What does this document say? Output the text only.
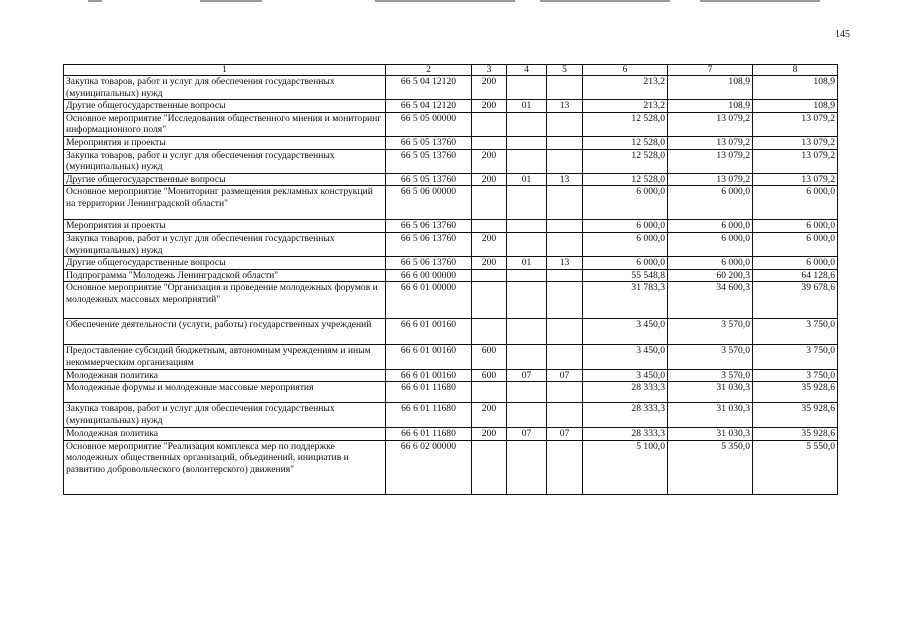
145
1	2	3	4	5	6	7	8
Закупка товаров, работ и услуг для обеспечения государственных (муниципальных) нужд	66 5 04 12120	200			213,2	108,9	108,9
Другие общегосударственные вопросы	66 5 04 12120	200	01	13	213,2	108,9	108,9
Основное мероприятие "Исследования общественного мнения и мониторинг информационного поля"	66 5 05 00000				12 528,0	13 079,2	13 079,2
Мероприятия и проекты	66 5 05 13760				12 528,0	13 079,2	13 079,2
Закупка товаров, работ и услуг для обеспечения государственных (муниципальных) нужд	66 5 05 13760	200			12 528,0	13 079,2	13 079,2
Другие общегосударственные вопросы	66 5 05 13760	200	01	13	12 528,0	13 079,2	13 079,2
Основное мероприятие "Мониторинг размещения рекламных конструкций на территории Ленинградской области"	66 5 06 00000				6 000,0	6 000,0	6 000,0
Мероприятия и проекты	66 5 06 13760				6 000,0	6 000,0	6 000,0
Закупка товаров, работ и услуг для обеспечения государственных (муниципальных) нужд	66 5 06 13760	200			6 000,0	6 000,0	6 000,0
Другие общегосударственные вопросы	66 5 06 13760	200	01	13	6 000,0	6 000,0	6 000,0
Подпрограмма "Молодежь Ленинградской области"	66 6 00 00000				55 548,8	60 200,3	64 128,6
Основное мероприятие "Организация и проведение молодежных форумов и молодежных массовых мероприятий"	66 6 01 00000				31 783,3	34 600,3	39 678,6
Обеспечение деятельности (услуги, работы) государственных учреждений	66 6 01 00160				3 450,0	3 570,0	3 750,0
Предоставление субсидий бюджетным, автономным учреждениям и иным некоммерческим организациям	66 6 01 00160	600			3 450,0	3 570,0	3 750,0
Молодежная политика	66 6 01 00160	600	07	07	3 450,0	3 570,0	3 750,0
Молодежные форумы и молодежные массовые мероприятия	66 6 01 11680				28 333,3	31 030,3	35 928,6
Закупка товаров, работ и услуг для обеспечения государственных (муниципальных) нужд	66 6 01 11680	200			28 333,3	31 030,3	35 928,6
Молодежная политика	66 6 01 11680	200	07	07	28 333,3	31 030,3	35 928,6
Основное мероприятие "Реализация комплекса мер по поддержке молодежных общественных организаций, объединений, инициатив и развитию добровольческого (волонтерского) движения"	66 6 02 00000				5 100,0	5 350,0	5 550,0
